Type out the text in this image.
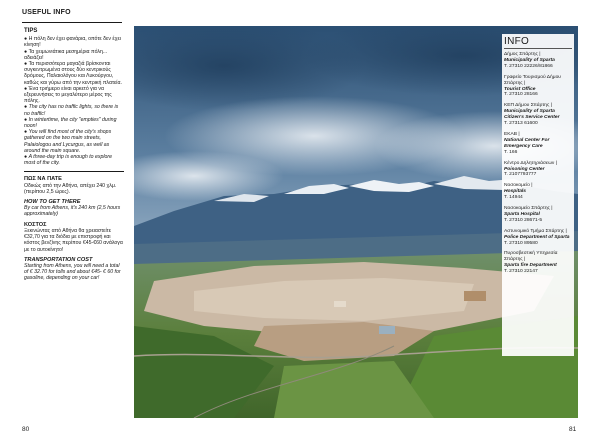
USEFUL INFO

TIPS

● Η πόλη δεν έχει φανάρια, οπότε δεν έχει κίνηση!

● Τα χειμωνιάτικα μεσημέρια πόλη... αδειάζει!

● Τα περισσότερα μαγαζιά βρίσκονται συγκεντρωμένα στους δύο κεντρικούς δρόμους, Παλαιολόγου και Λυκούργου, καθώς και γύρω από την κεντρική πλατεία.

● Ένα τριήμερο είναι αρκετό για να εξερευνήσεις το μεγαλύτερο μέρος της πόλης.

● The city has no traffic lights, so there is no traffic!

● In wintertime, the city "empties" during noon!

● You will find most of the city's shops gathered on the two main streets, Palaiologou and Lycurgus, as well as around the main square.

● A three-day trip is enough to explore most of the city.

ΠΩΣ ΝΑ ΠΑΤΕ

Οδικώς από την Αθήνα, απέχει 240 χλμ. (περίπου 2,5 ώρες).

HOW TO GET THERE

By car from Athens, it's 240 km (2,5 hours approximately)

ΚΟΣΤΟΣ

Ξεκινώντας από Αθήνα θα χρειαστείτε €32,70 για τα διόδια με επιστροφή και κόστος βενζίνης περίπου €45-€60 ανάλογα με το αυτοκίνητο!

TRANSPORTATION COST

Starting from Athens, you will need a total of € 32.70 for tolls and about €45- € 60 for gasoline, depending on your car!

INFO
Δήμος Σπάρτης |
Municipality of Sparta
T. 27310 22226/81866
Γραφείο Τουρισμού Δήμου Σπάρτης |
Tourist Office
T. 27310 28166
ΚΕΠ Δήμου Σπάρτης |
Municipality of Sparta Citizen's Service Center
T. 27313 61600
ΕΚΑΒ |
National Center For Emergency Care
T. 166
Κέντρο Δηλητηριάσεων |
Poisoning Center
T. 2107793777
Νοσοκομείο |
Hospitals
T. 14944
Νοσοκομείο Σπάρτης |
Sparta Hospital
T. 27310 28671-5
Αστυνομικό Τμήμα Σπάρτης |
Police Department of Sparta
T. 27310 89580
Πυροσβεστική Υπηρεσία Σπάρτης |
Sparta fire Department
T. 27310 22147
80	81
